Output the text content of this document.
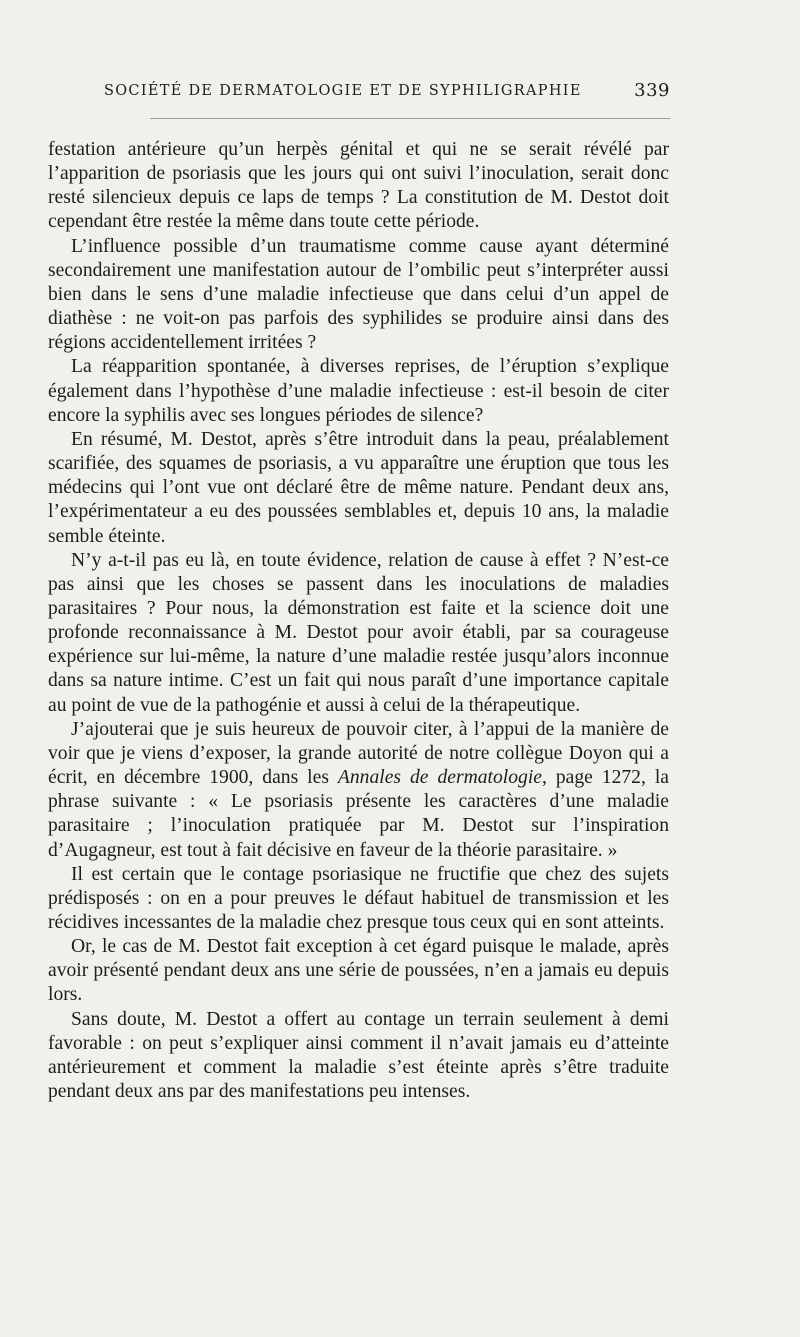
SOCIÉTÉ DE DERMATOLOGIE ET DE SYPHILIGRAPHIE	339

festation antérieure qu’un herpès génital et qui ne se serait révélé par l’apparition de psoriasis que les jours qui ont suivi l’inoculation, serait donc resté silencieux depuis ce laps de temps ? La constitution de M. Destot doit cependant être restée la même dans toute cette période.

L’influence possible d’un traumatisme comme cause ayant déterminé secondairement une manifestation autour de l’ombilic peut s’interpréter aussi bien dans le sens d’une maladie infectieuse que dans celui d’un appel de diathèse : ne voit-on pas parfois des syphilides se produire ainsi dans des régions accidentellement irritées ?

La réapparition spontanée, à diverses reprises, de l’éruption s’explique également dans l’hypothèse d’une maladie infectieuse : est-il besoin de citer encore la syphilis avec ses longues périodes de silence?

En résumé, M. Destot, après s’être introduit dans la peau, préalablement scarifiée, des squames de psoriasis, a vu apparaître une éruption que tous les médecins qui l’ont vue ont déclaré être de même nature. Pendant deux ans, l’expérimentateur a eu des poussées semblables et, depuis 10 ans, la maladie semble éteinte.

N’y a-t-il pas eu là, en toute évidence, relation de cause à effet ? N’est-ce pas ainsi que les choses se passent dans les inoculations de maladies parasitaires ? Pour nous, la démonstration est faite et la science doit une profonde reconnaissance à M. Destot pour avoir établi, par sa courageuse expérience sur lui-même, la nature d’une maladie restée jusqu’alors inconnue dans sa nature intime. C’est un fait qui nous paraît d’une importance capitale au point de vue de la pathogénie et aussi à celui de la thérapeutique.

J’ajouterai que je suis heureux de pouvoir citer, à l’appui de la manière de voir que je viens d’exposer, la grande autorité de notre collègue Doyon qui a écrit, en décembre 1900, dans les Annales de dermatologie, page 1272, la phrase suivante : « Le psoriasis présente les caractères d’une maladie parasitaire ; l’inoculation pratiquée par M. Destot sur l’inspiration d’Augagneur, est tout à fait décisive en faveur de la théorie parasitaire. »

Il est certain que le contage psoriasique ne fructifie que chez des sujets prédisposés : on en a pour preuves le défaut habituel de transmission et les récidives incessantes de la maladie chez presque tous ceux qui en sont atteints.

Or, le cas de M. Destot fait exception à cet égard puisque le malade, après avoir présenté pendant deux ans une série de poussées, n’en a jamais eu depuis lors.

Sans doute, M. Destot a offert au contage un terrain seulement à demi favorable : on peut s’expliquer ainsi comment il n’avait jamais eu d’atteinte antérieurement et comment la maladie s’est éteinte après s’être traduite pendant deux ans par des manifestations peu intenses.
